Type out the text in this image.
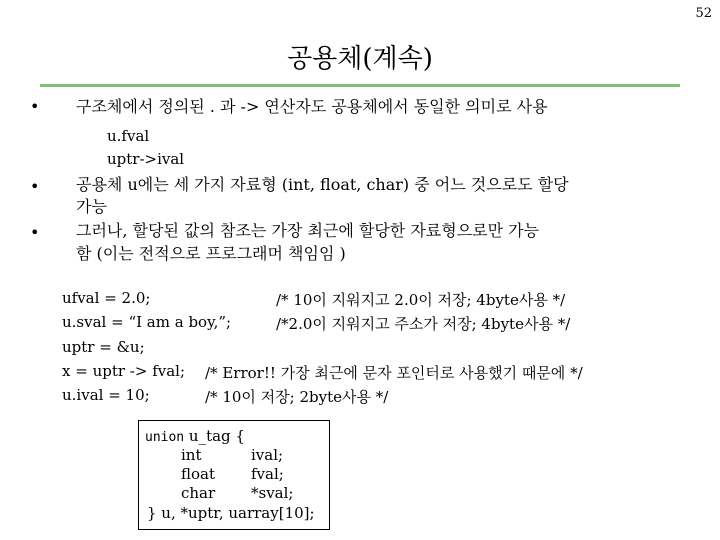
52
공용체(계속)
• 구조체에서 정의된 . 과 -> 연산자도 공용체에서 동일한 의미로 사용
u.fval
uptr->ival
• 공용체 u에는 세 가지 자료형 (int, float, char) 중 어느 것으로도 할당
가능
• 그러나, 할당된 값의 참조는 가장 최근에 할당한 자료형으로만 가능
함 (이는 전적으로 프로그래머 책임임 )
ufval = 2.0;	/* 10이 지워지고 2.0이 저장; 4byte사용 */
u.sval = “I am a boy,”;	/*2.0이 지워지고 주소가 저장; 4byte사용 */
uptr = &u;
x = uptr -> fval; /* Error!! 가장 최근에 문자 포인터로 사용했기 때문에 */
u.ival = 10;	/* 10이 저장; 2byte사용 */
union u_tag {
int	ival;
float fval;
char *sval;
} u, *uptr, uarray[10];
